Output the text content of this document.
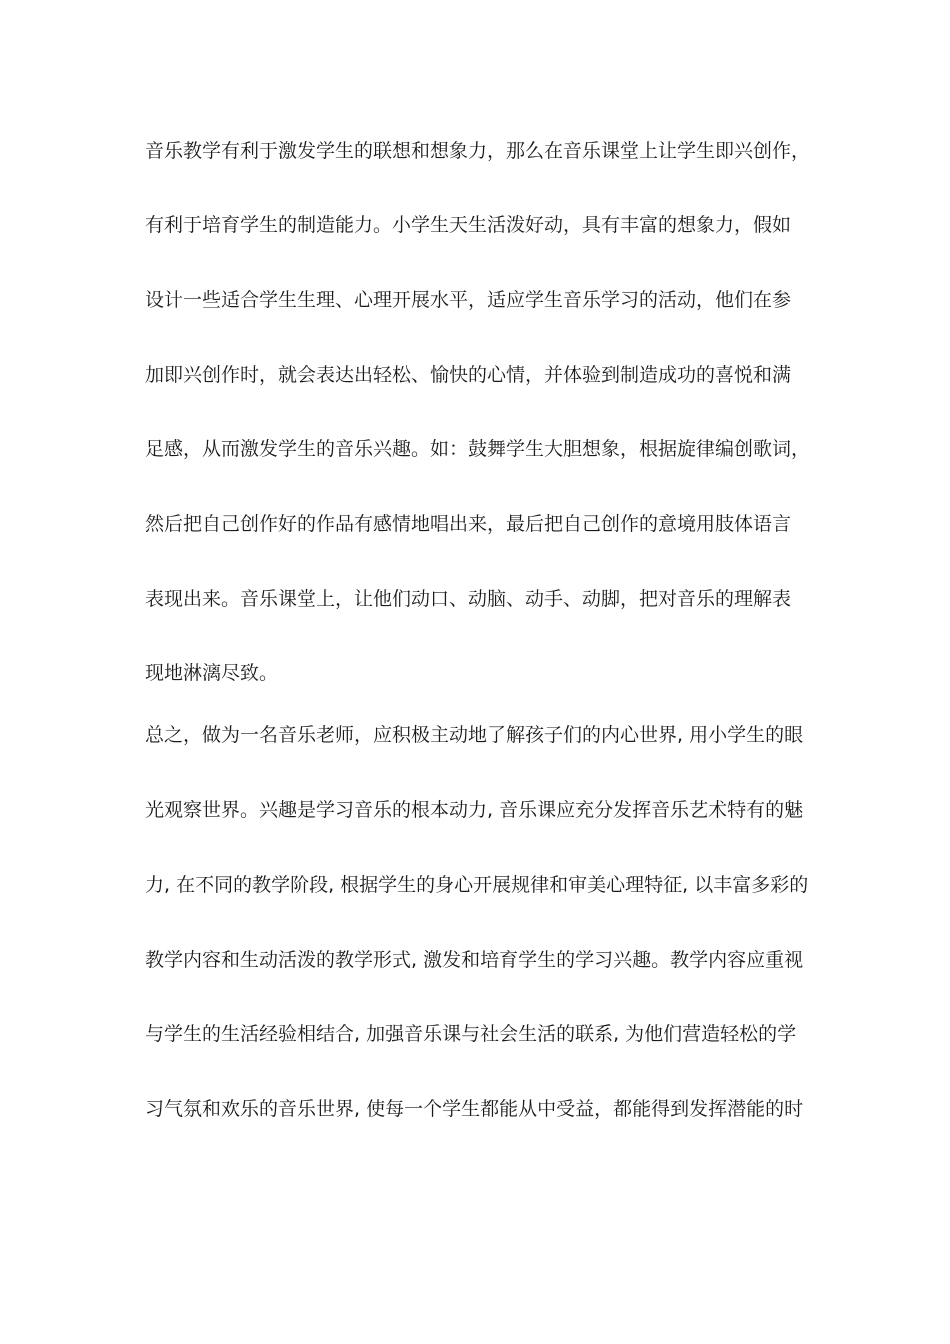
音乐教学有利于激发学生的联想和想象力，那么在音乐课堂上让学生即兴创作，
有利于培育学生的制造能力。小学生天生活泼好动，具有丰富的想象力，假如
设计一些适合学生生理、心理开展水平，适应学生音乐学习的活动，他们在参
加即兴创作时，就会表达出轻松、愉快的心情，并体验到制造成功的喜悦和满
足感，从而激发学生的音乐兴趣。如：鼓舞学生大胆想象，根据旋律编创歌词，
然后把自己创作好的作品有感情地唱出来，最后把自己创作的意境用肢体语言
表现出来。音乐课堂上，让他们动口、动脑、动手、动脚，把对音乐的理解表
现地淋漓尽致。
总之，做为一名音乐老师，应积极主动地了解孩子们的内心世界, 用小学生的眼
光观察世界。兴趣是学习音乐的根本动力, 音乐课应充分发挥音乐艺术特有的魅
力, 在不同的教学阶段, 根据学生的身心开展规律和审美心理特征, 以丰富多彩的
教学内容和生动活泼的教学形式, 激发和培育学生的学习兴趣。教学内容应重视
与学生的生活经验相结合, 加强音乐课与社会生活的联系, 为他们营造轻松的学
习气氛和欢乐的音乐世界, 使每一个学生都能从中受益，都能得到发挥潜能的时
